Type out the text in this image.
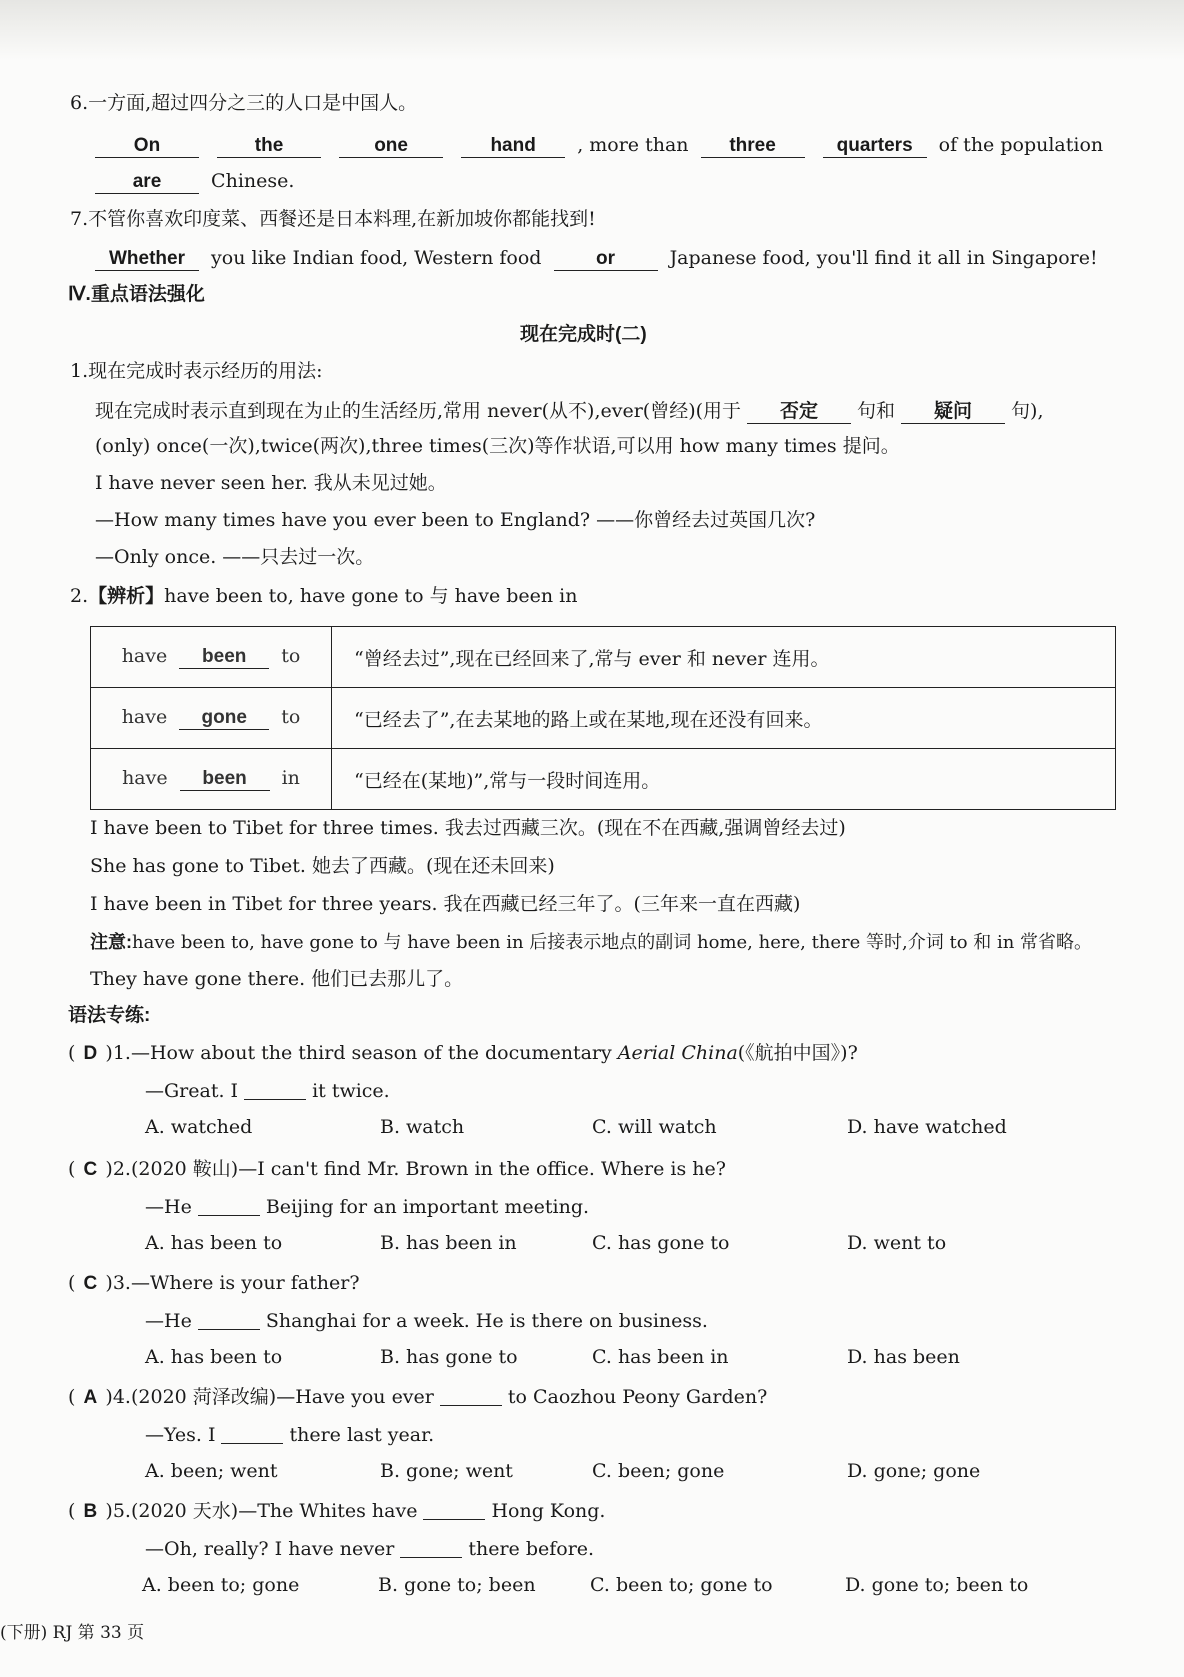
6.一方面,超过四分之三的人口是中国人。
On	the	one	hand , more than three	quarters of the population
are	Chinese.
7.不管你喜欢印度菜、西餐还是日本料理,在新加坡你都能找到!
Whether you like Indian food, Western food	or	Japanese food, you'll find it all in Singapore!
Ⅳ.重点语法强化
现在完成时(二)
1.现在完成时表示经历的用法:
现在完成时表示直到现在为止的生活经历,常用 never(从不),ever(曾经)(用于 否定 句和 疑问 句),
(only) once(一次),twice(两次),three times(三次)等作状语,可以用 how many times 提问。
I have never seen her. 我从未见过她。
—How many times have you ever been to England? ——你曾经去过英国几次?
—Only once. ——只去过一次。
2.【辨析】have been to, have gone to 与 have been in
have been to	“曾经去过”,现在已经回来了,常与 ever 和 never 连用。
have gone to	“已经去了”,在去某地的路上或在某地,现在还没有回来。
have been in	“已经在(某地)”,常与一段时间连用。
I have been to Tibet for three times. 我去过西藏三次。(现在不在西藏,强调曾经去过)
She has gone to Tibet. 她去了西藏。(现在还未回来)
I have been in Tibet for three years. 我在西藏已经三年了。(三年来一直在西藏)
注意:have been to, have gone to 与 have been in 后接表示地点的副词 home, here, there 等时,介词 to 和 in 常省略。
They have gone there. 他们已去那儿了。
语法专练:
( D )1.—How about the third season of the documentary Aerial China(《航拍中国》)?
—Great. I	it twice.
A. watched	B. watch	C. will watch	D. have watched
( C )2.(2020 鞍山)—I can't find Mr. Brown in the office. Where is he?
—He	Beijing for an important meeting.
A. has been to	B. has been in	C. has gone to	D. went to
( C )3.—Where is your father?
—He	Shanghai for a week. He is there on business.
A. has been to	B. has gone to	C. has been in	D. has been
( A )4.(2020 菏泽改编)—Have you ever	to Caozhou Peony Garden?
—Yes. I	there last year.
A. been; went	B. gone; went	C. been; gone	D. gone; gone
( B )5.(2020 天水)—The Whites have	Hong Kong.
—Oh, really? I have never	there before.
A. been to; gone	B. gone to; been	C. been to; gone to	D. gone to; been to
(下册) RJ 第 33 页
